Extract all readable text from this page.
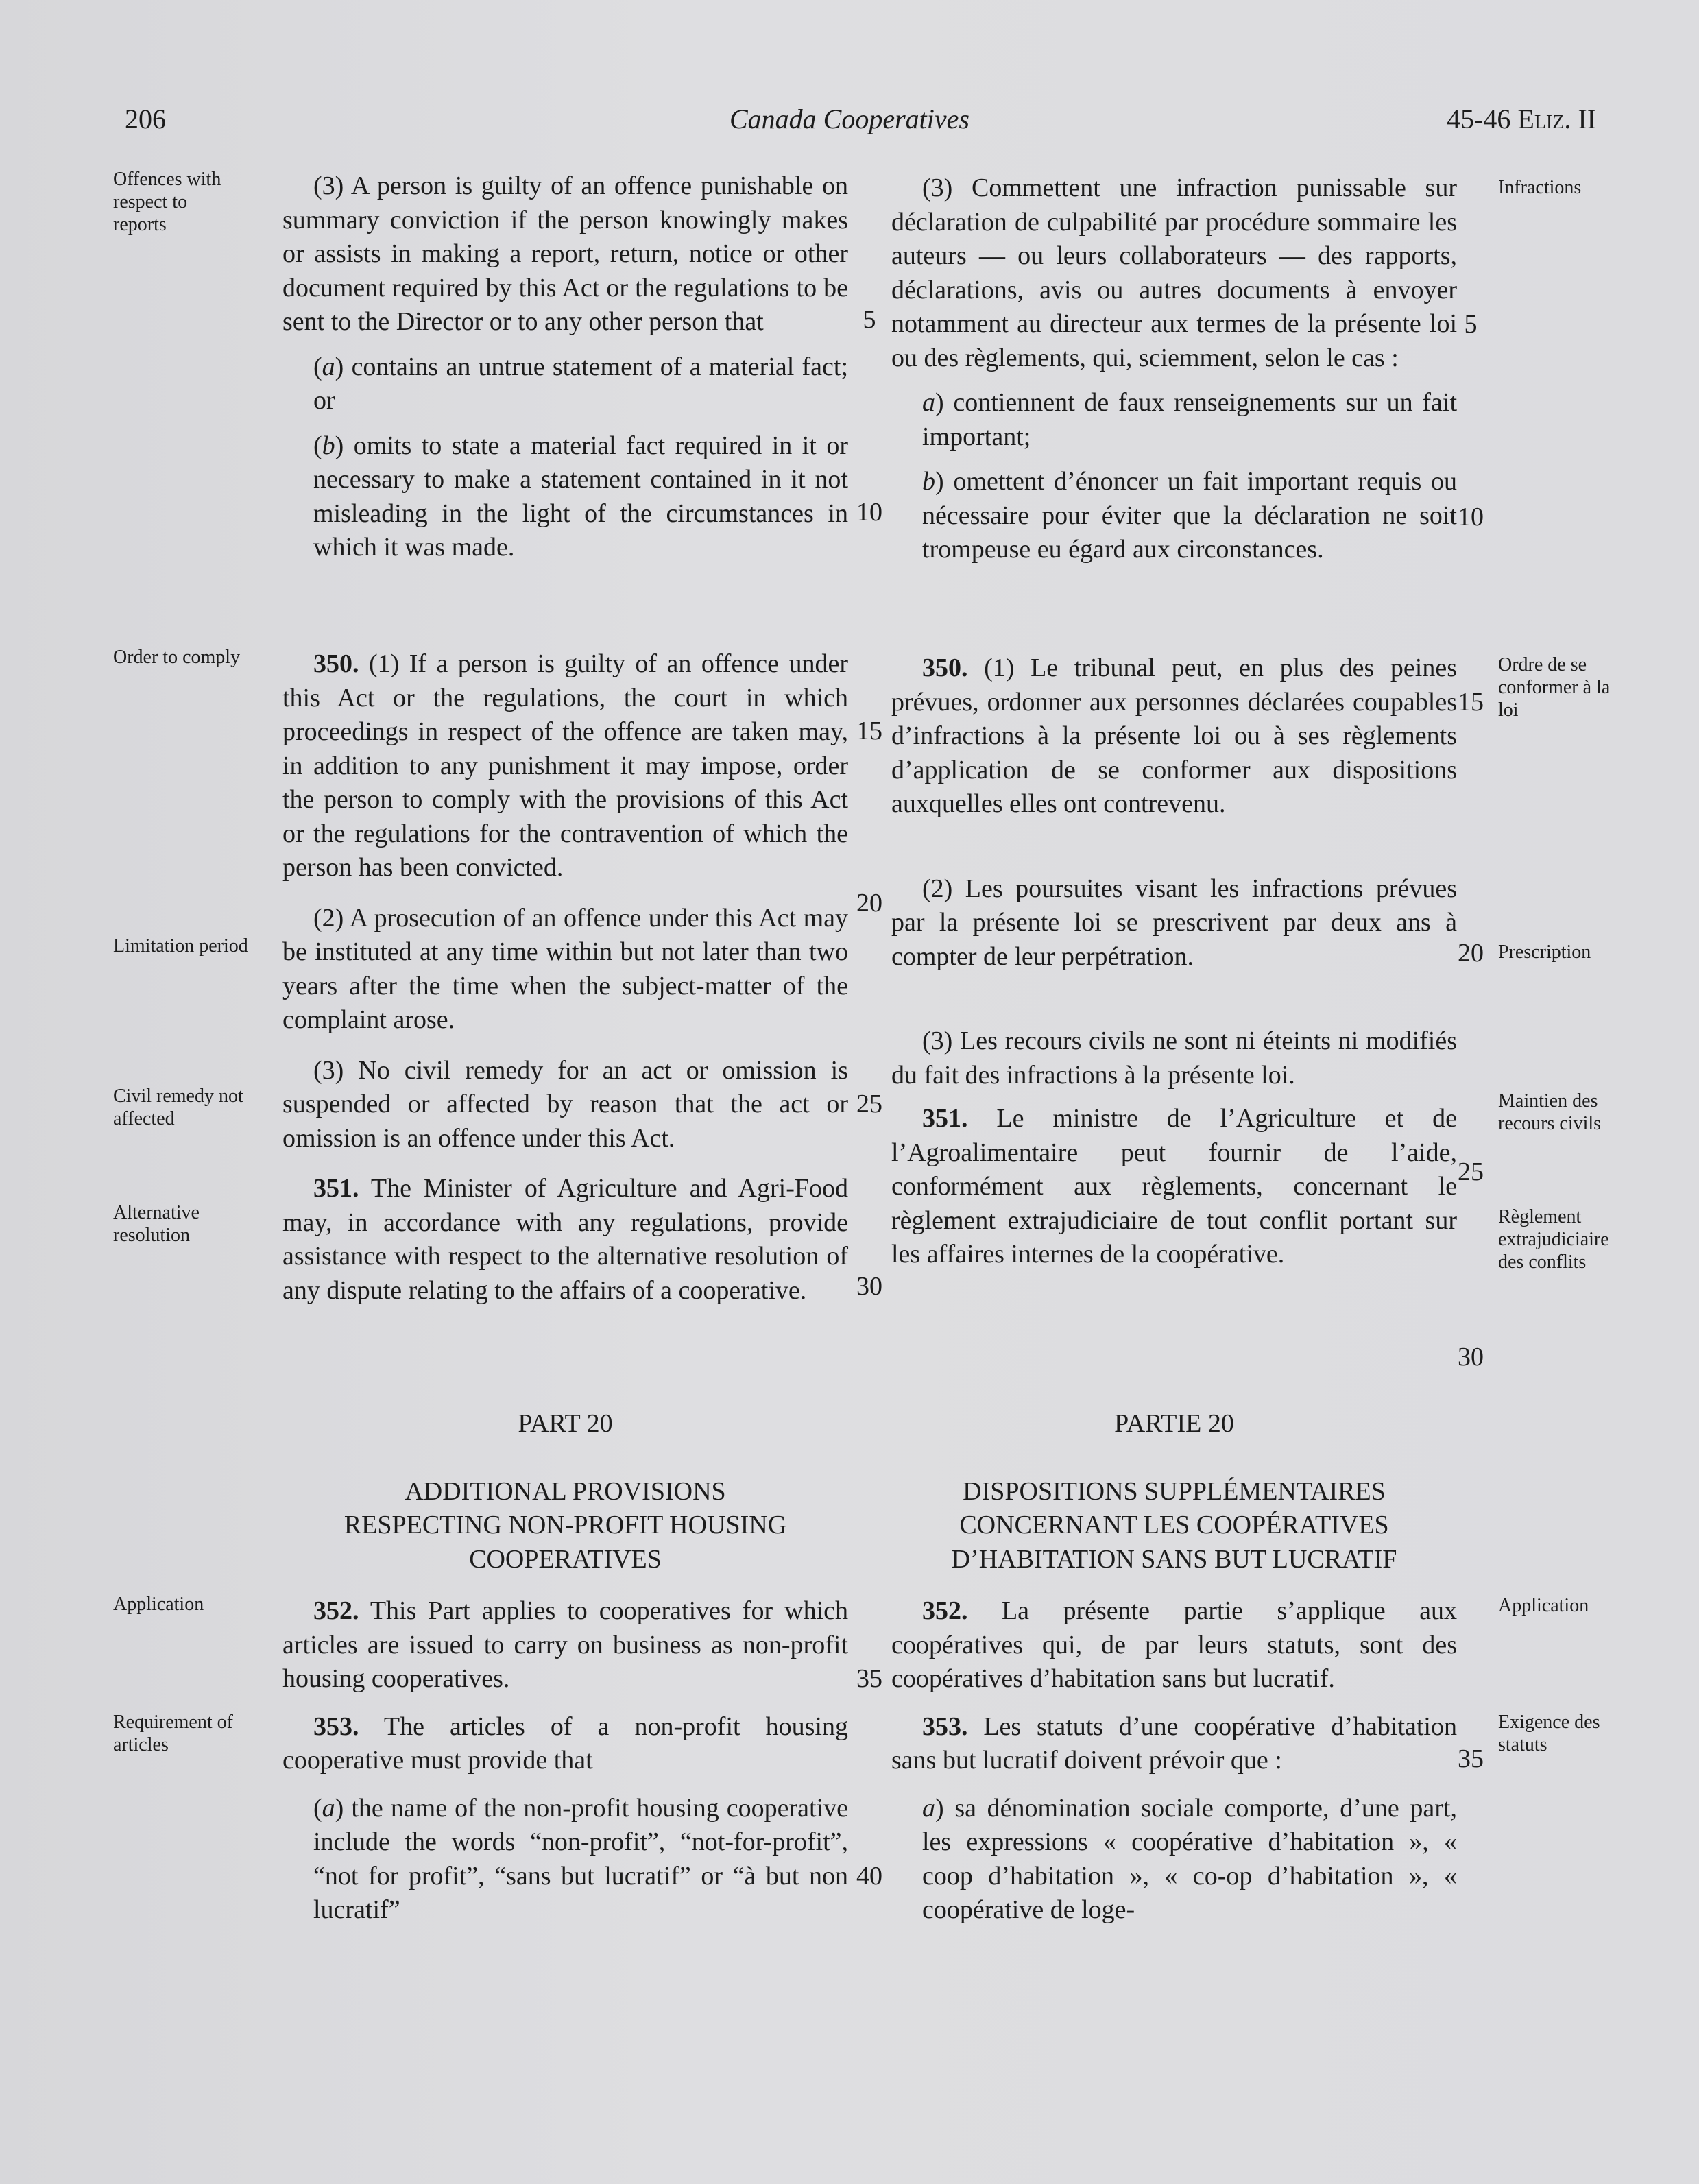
206	Canada Cooperatives	45-46 Eliz. II
Offences with respect to reports
Order to comply
Limitation period
Civil remedy not affected
Alternative resolution
Application
Requirement of articles
Infractions
Ordre de se conformer à la loi
Prescription
Maintien des recours civils
Règlement extrajudiciaire des conflits
Application
Exigence des statuts
5
10
15
20
25
30
35
40
5
10
15
20
25
30
35

(3) A person is guilty of an offence punishable on summary conviction if the person knowingly makes or assists in making a report, return, notice or other document required by this Act or the regulations to be sent to the Director or to any other person that

(a) contains an untrue statement of a material fact; or

(b) omits to state a material fact required in it or necessary to make a statement contained in it not misleading in the light of the circumstances in which it was made.

350. (1) If a person is guilty of an offence under this Act or the regulations, the court in which proceedings in respect of the offence are taken may, in addition to any punishment it may impose, order the person to comply with the provisions of this Act or the regulations for the contravention of which the person has been convicted.

(2) A prosecution of an offence under this Act may be instituted at any time within but not later than two years after the time when the subject-matter of the complaint arose.

(3) No civil remedy for an act or omission is suspended or affected by reason that the act or omission is an offence under this Act.

351. The Minister of Agriculture and Agri-Food may, in accordance with any regulations, provide assistance with respect to the alternative resolution of any dispute relating to the affairs of a cooperative.

PART 20

ADDITIONAL PROVISIONS

RESPECTING NON-PROFIT HOUSING

COOPERATIVES

352. This Part applies to cooperatives for which articles are issued to carry on business as non-profit housing cooperatives.

353. The articles of a non-profit housing cooperative must provide that

(a) the name of the non-profit housing cooperative include the words “non-profit”, “not-for-profit”, “not for profit”, “sans but lucratif” or “à but non lucratif”

(3) Commettent une infraction punissable sur déclaration de culpabilité par procédure sommaire les auteurs — ou leurs collaborateurs — des rapports, déclarations, avis ou autres documents à envoyer notamment au directeur aux termes de la présente loi ou des règlements, qui, sciemment, selon le cas :

a) contiennent de faux renseignements sur un fait important;

b) omettent d’énoncer un fait important requis ou nécessaire pour éviter que la déclaration ne soit trompeuse eu égard aux circonstances.

350. (1) Le tribunal peut, en plus des peines prévues, ordonner aux personnes déclarées coupables d’infractions à la présente loi ou à ses règlements d’application de se conformer aux dispositions auxquelles elles ont contrevenu.

(2) Les poursuites visant les infractions prévues par la présente loi se prescrivent par deux ans à compter de leur perpétration.

(3) Les recours civils ne sont ni éteints ni modifiés du fait des infractions à la présente loi.

351. Le ministre de l’Agriculture et de l’Agroalimentaire peut fournir de l’aide, conformément aux règlements, concernant le règlement extrajudiciaire de tout conflit portant sur les affaires internes de la coopérative.

PARTIE 20

DISPOSITIONS SUPPLÉMENTAIRES

CONCERNANT LES COOPÉRATIVES

D’HABITATION SANS BUT LUCRATIF

352. La présente partie s’applique aux coopératives qui, de par leurs statuts, sont des coopératives d’habitation sans but lucratif.

353. Les statuts d’une coopérative d’habitation sans but lucratif doivent prévoir que :

a) sa dénomination sociale comporte, d’une part, les expressions « coopérative d’habitation », « coop d’habitation », « co-op d’habitation », « coopérative de loge-
